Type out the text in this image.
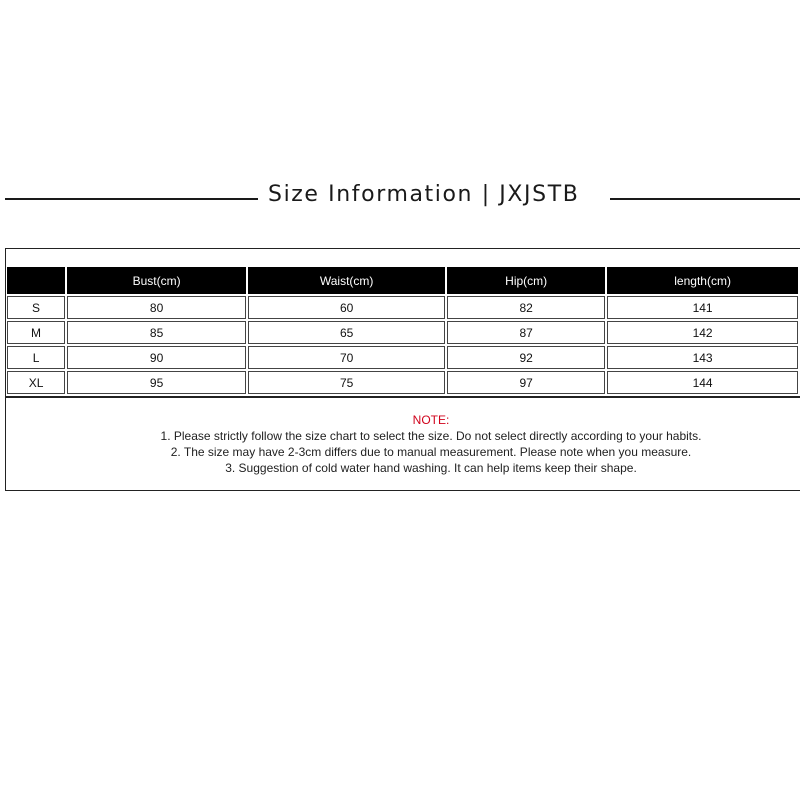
Size Information | JXJSTB
	Bust(cm)	Waist(cm)	Hip(cm)	length(cm)
S	80	60	82	141
M	85	65	87	142
L	90	70	92	143
XL	95	75	97	144
NOTE:
1. Please strictly follow the size chart to select the size. Do not select directly according to your habits.
2. The size may have 2-3cm differs due to manual measurement. Please note when you measure.
3. Suggestion of cold water hand washing. It can help items keep their shape.
